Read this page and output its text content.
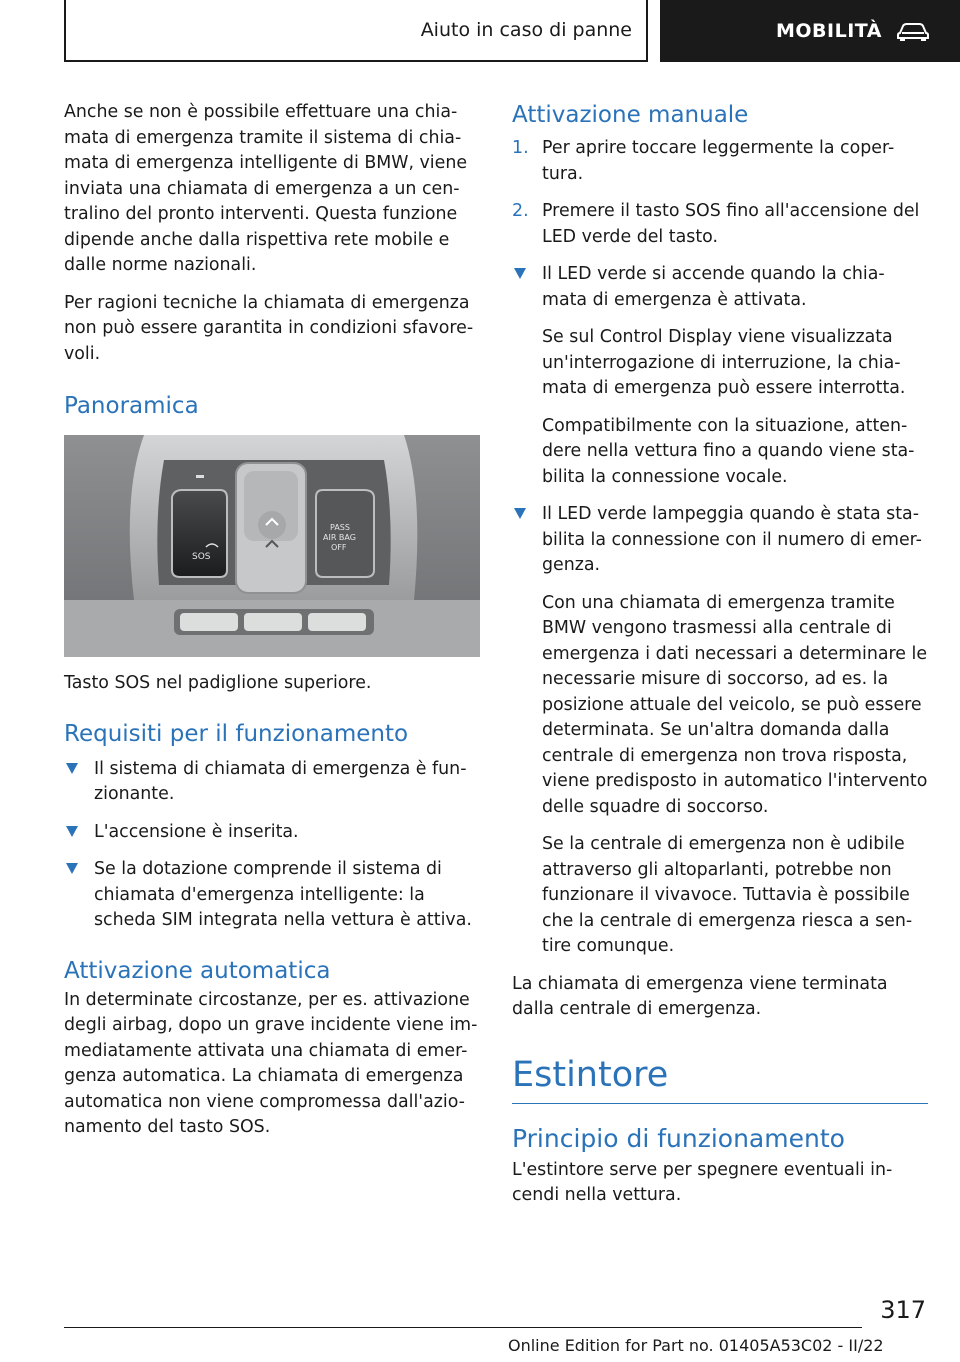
Aiuto in caso di panne	MOBILITÀ

Anche se non è possibile effettuare una chia-mata di emergenza tramite il sistema di chia-mata di emergenza intelligente di BMW, viene inviata una chiamata di emergenza a un cen-tralino del pronto interventi. Questa funzione dipende anche dalla rispettiva rete mobile e dalle norme nazionali.

Per ragioni tecniche la chiamata di emergenza non può essere garantita in condizioni sfavore-voli.

Panoramica
SOS
PASS
AIR BAG
OFF

Tasto SOS nel padiglione superiore.

Requisiti per il funzionamento
Il sistema di chiamata di emergenza è fun-zionante.
L'accensione è inserita.
Se la dotazione comprende il sistema di chiamata d'emergenza intelligente: la scheda SIM integrata nella vettura è attiva.
Attivazione automatica

In determinate circostanze, per es. attivazione degli airbag, dopo un grave incidente viene im-mediatamente attivata una chiamata di emer-genza automatica. La chiamata di emergenza automatica non viene compromessa dall'azio-namento del tasto SOS.

Attivazione manuale
1. Per aprire toccare leggermente la coper-tura.
2. Premere il tasto SOS fino all'accensione del LED verde del tasto.
Il LED verde si accende quando la chia-mata di emergenza è attivata.
Se sul Control Display viene visualizzata un'interrogazione di interruzione, la chia-mata di emergenza può essere interrotta.
Compatibilmente con la situazione, atten-dere nella vettura fino a quando viene sta-bilita la connessione vocale.
Il LED verde lampeggia quando è stata sta-bilita la connessione con il numero di emer-genza.
Con una chiamata di emergenza tramite BMW vengono trasmessi alla centrale di emergenza i dati necessari a determinare le necessarie misure di soccorso, ad es. la posizione attuale del veicolo, se può essere determinata. Se un'altra domanda dalla centrale di emergenza non trova risposta, viene predisposto in automatico l'intervento delle squadre di soccorso.
Se la centrale di emergenza non è udibile attraverso gli altoparlanti, potrebbe non funzionare il vivavoce. Tuttavia è possibile che la centrale di emergenza riesca a sen-tire comunque.

La chiamata di emergenza viene terminata dalla centrale di emergenza.

Estintore
Principio di funzionamento

L'estintore serve per spegnere eventuali in-cendi nella vettura.

317
Online Edition for Part no. 01405A53C02 - II/22
